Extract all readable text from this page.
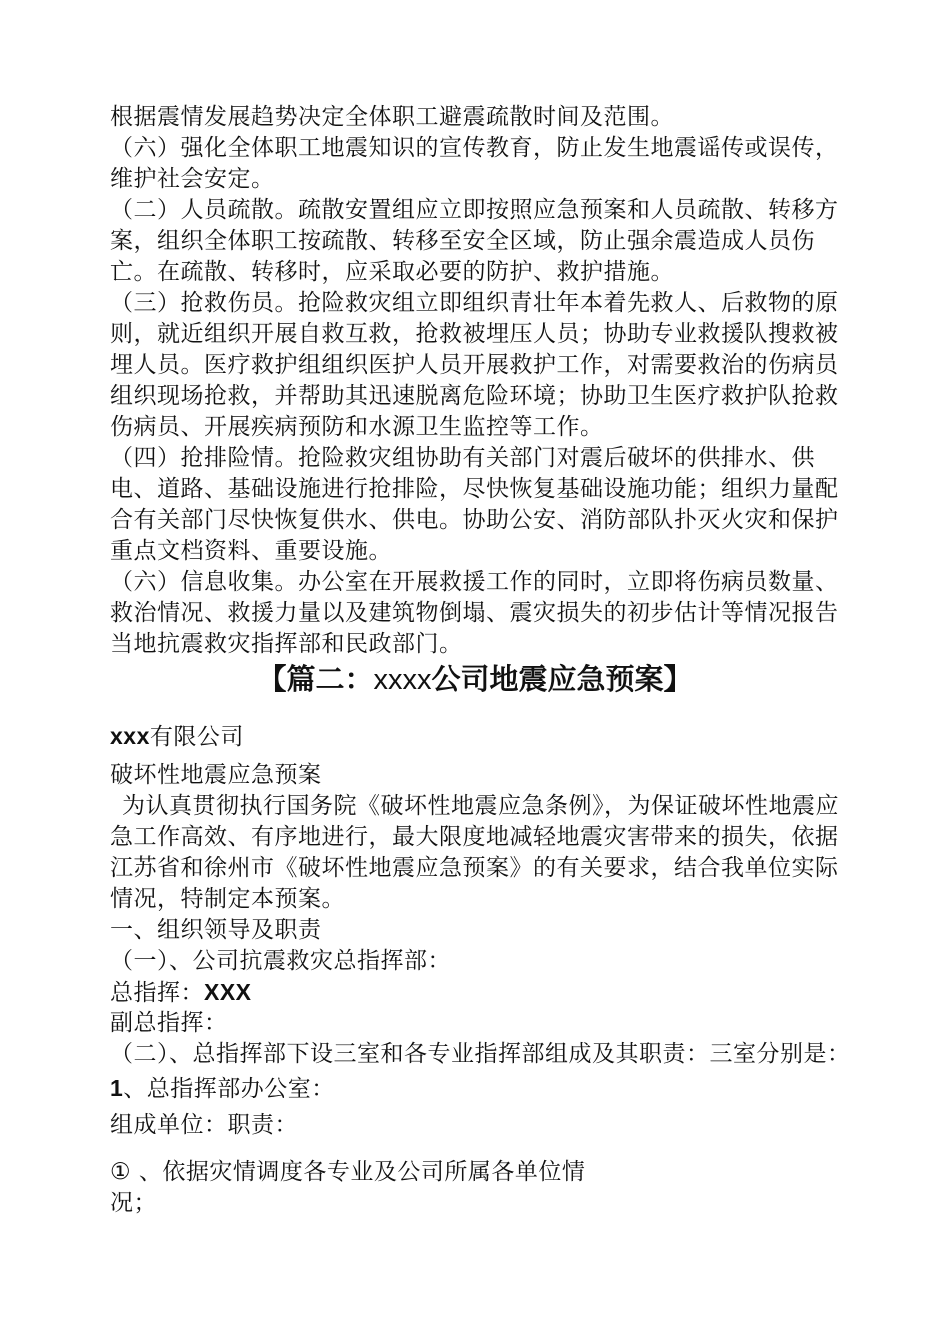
根据震情发展趋势决定全体职工避震疏散时间及范围。

（六）强化全体职工地震知识的宣传教育，防止发生地震谣传或误传，维护社会安定。

（二）人员疏散。疏散安置组应立即按照应急预案和人员疏散、转移方案，组织全体职工按疏散、转移至安全区域，防止强余震造成人员伤亡。在疏散、转移时，应采取必要的防护、救护措施。

（三）抢救伤员。抢险救灾组立即组织青壮年本着先救人、后救物的原则，就近组织开展自救互救，抢救被埋压人员；协助专业救援队搜救被埋人员。医疗救护组组织医护人员开展救护工作，对需要救治的伤病员组织现场抢救，并帮助其迅速脱离危险环境；协助卫生医疗救护队抢救伤病员、开展疾病预防和水源卫生监控等工作。

（四）抢排险情。抢险救灾组协助有关部门对震后破坏的供排水、供电、道路、基础设施进行抢排险，尽快恢复基础设施功能；组织力量配合有关部门尽快恢复供水、供电。协助公安、消防部队扑灭火灾和保护重点文档资料、重要设施。

（六）信息收集。办公室在开展救援工作的同时，立即将伤病员数量、救治情况、救援力量以及建筑物倒塌、震灾损失的初步估计等情况报告当地抗震救灾指挥部和民政部门。

【篇二：xxxx公司地震应急预案】

xxx有限公司

破坏性地震应急预案

为认真贯彻执行国务院《破坏性地震应急条例》，为保证破坏性地震应急工作高效、有序地进行，最大限度地减轻地震灾害带来的损失，依据江苏省和徐州市《破坏性地震应急预案》的有关要求，结合我单位实际情况，特制定本预案。

一、组织领导及职责

（一）、公司抗震救灾总指挥部：

总指挥：XXX

副总指挥：

（二）、总指挥部下设三室和各专业指挥部组成及其职责：三室分别是：

1、总指挥部办公室：

组成单位：职责：

① 、依据灾情调度各专业及公司所属各单位情

况；
